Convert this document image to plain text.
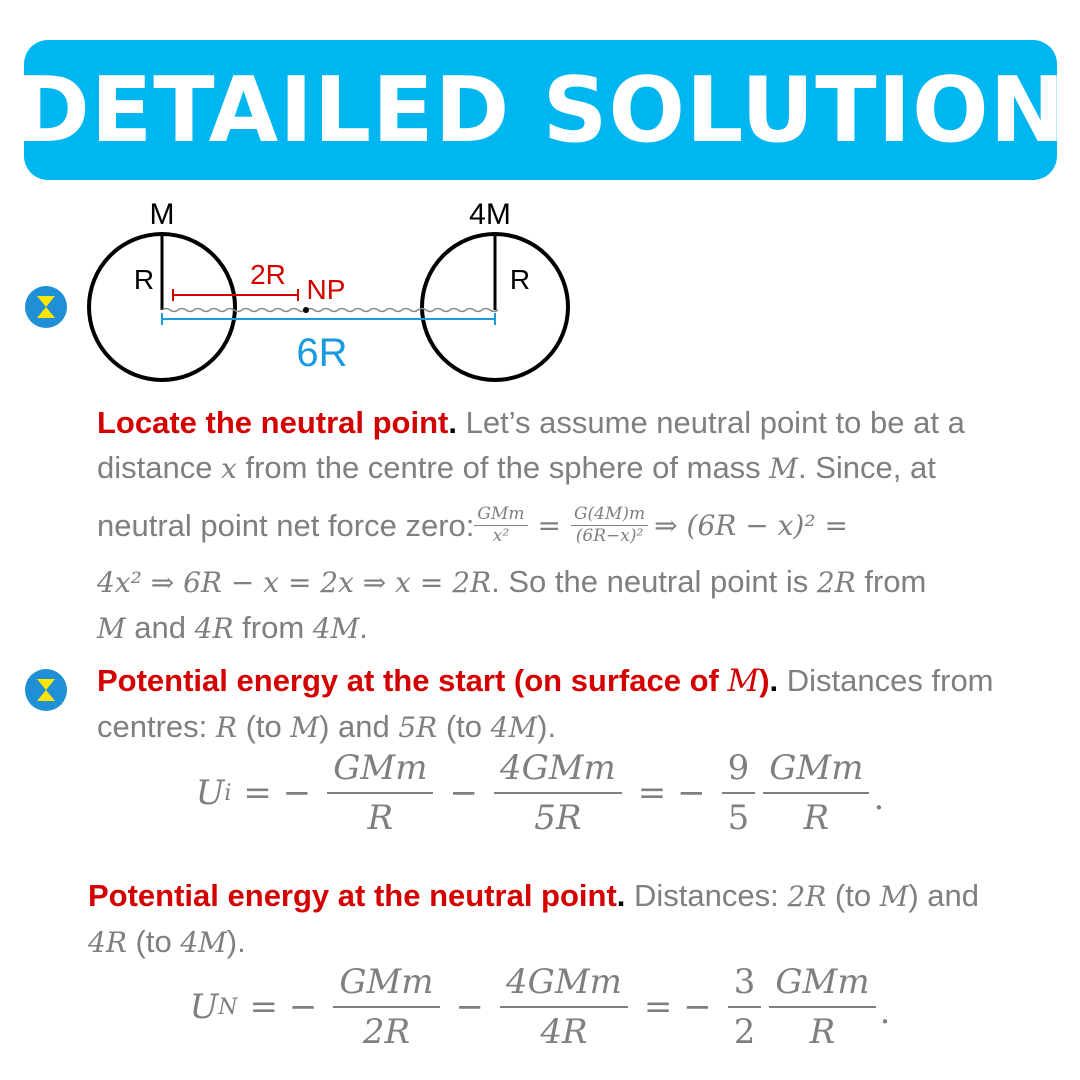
DETAILED SOLUTION
M	4M
R	R
2R NP
6R
Locate the neutral point. Let’s assume neutral point to be at a
distance x from the centre of the sphere of mass M. Since, at
neutral point net force zero: $\frac{\text{GMm}}{\text{x²}} = \frac{G(4M)m}{\text{(6R−x)²}}$ ⇒ (6R − x)² =
4x² ⇒ 6R − x = 2x ⇒ x = 2R. So the neutral point is 2R from
M and 4R from 4M.
Potential energy at the start (on surface of M). Distances from
centres: R (to M) and 5R (to 4M).
U i = − $\frac{\text{GMm}}{R} - \frac{\text{4GMm}}{5R}$ = − $\frac{9}{5} \frac{\text{GMm}}{R}$ .
Potential energy at the neutral point. Distances: 2R (to M) and
4R (to 4M).
U N = − $\frac{\text{GMm}}{2R} - \frac{\text{4GMm}}{4R}$ = − $\frac{3}{2} \frac{\text{GMm}}{R}$ .
